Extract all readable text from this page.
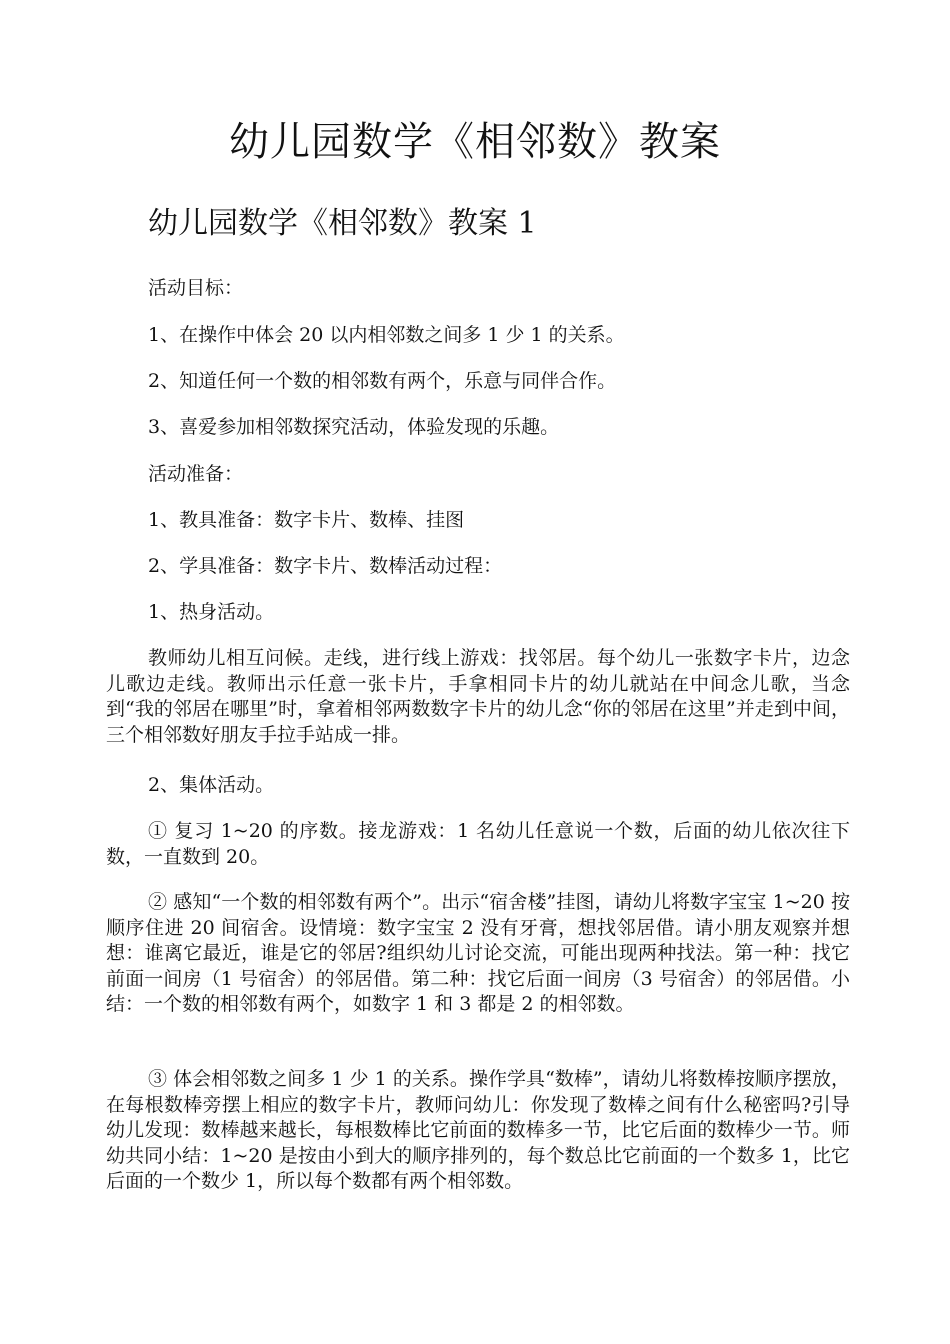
幼儿园数学《相邻数》教案
幼儿园数学《相邻数》教案 1

活动目标：

1、在操作中体会 20 以内相邻数之间多 1 少 1 的关系。

2、知道任何一个数的相邻数有两个，乐意与同伴合作。

3、喜爱参加相邻数探究活动，体验发现的乐趣。

活动准备：

1、教具准备：数字卡片、数棒、挂图

2、学具准备：数字卡片、数棒活动过程：

1、热身活动。

教师幼儿相互问候。走线，进行线上游戏：找邻居。每个幼儿一张数字卡片，边念儿歌边走线。教师出示任意一张卡片，手拿相同卡片的幼儿就站在中间念儿歌，当念到“我的邻居在哪里”时，拿着相邻两数数字卡片的幼儿念“你的邻居在这里”并走到中间，三个相邻数好朋友手拉手站成一排。

2、集体活动。

① 复习 1~20 的序数。接龙游戏：1 名幼儿任意说一个数，后面的幼儿依次往下数，一直数到 20。

② 感知“一个数的相邻数有两个”。出示“宿舍楼”挂图，请幼儿将数字宝宝 1~20 按顺序住进 20 间宿舍。设情境：数字宝宝 2 没有牙膏，想找邻居借。请小朋友观察并想想：谁离它最近，谁是它的邻居?组织幼儿讨论交流，可能出现两种找法。第一种：找它前面一间房（1 号宿舍）的邻居借。第二种：找它后面一间房（3 号宿舍）的邻居借。小结：一个数的相邻数有两个，如数字 1 和 3 都是 2 的相邻数。

③ 体会相邻数之间多 1 少 1 的关系。操作学具“数棒”，请幼儿将数棒按顺序摆放，在每根数棒旁摆上相应的数字卡片，教师问幼儿：你发现了数棒之间有什么秘密吗?引导幼儿发现：数棒越来越长，每根数棒比它前面的数棒多一节，比它后面的数棒少一节。师幼共同小结：1~20 是按由小到大的顺序排列的，每个数总比它前面的一个数多 1，比它后面的一个数少 1，所以每个数都有两个相邻数。
